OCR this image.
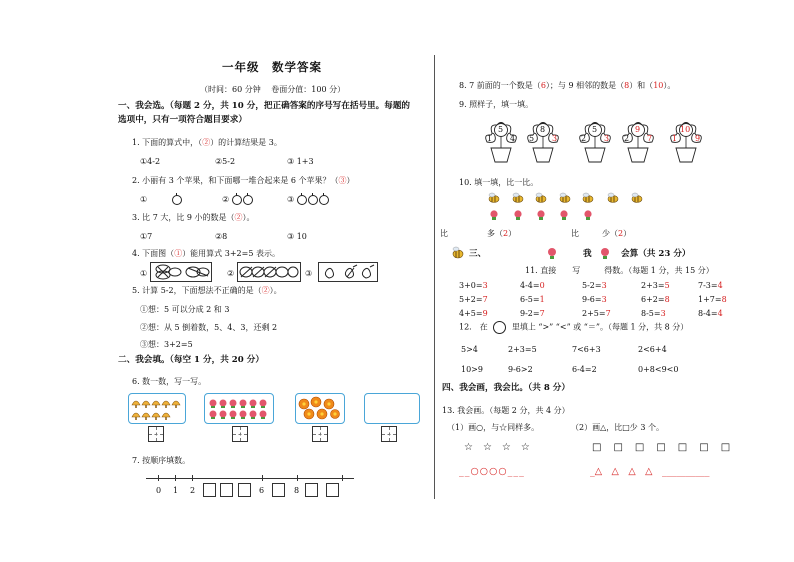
一年级　数学答案
（时间：60 分钟　 卷面分值：100 分）
一、我会选。（每题 2 分，共 10 分，把正确答案的序号写在括号里。每题的
选项中，只有一项符合题目要求）
1. 下面的算式中，（②）的计算结果是 3。
①4-2	②5-2	③ 1+3
2. 小丽有 3 个苹果，和下面哪一堆合起来是 6 个苹果？（③）
①	②	③
3. 比 7 大，比 9 小的数是（②）。
①7	②8	③ 10
4. 下面图（①）能用算式 3+2=5 表示。
①	②	③
5. 计算 5-2，下面想法不正确的是（②）。
①想：5 可以分成 2 和 3
②想：从 5 倒着数，5、4、3，还剩 2
③想：3+2=5
二、我会填。（每空 1 分，共 20 分）
6. 数一数，写一写。
7. 按顺序填数。
0 1 2	6	8
8. 7 前面的一个数是（6）；与 9 相邻的数是（8）和（10）。
9. 照样子，填一填。
5
1 4
8
5 3
5
2 3
9
2 7
10
1 9
10. 填一填，比一比。
比	多（2）	比	少（2）
三、	我	会算（共 23 分）
11. 直接　　写　　　得数。（每题 1 分，共 15 分）
3+0=3	4-4=0	5-2=3	2+3=5	7-3=4
5+2=7	6-5=1	9-6=3	6+2=8	1+7=8
4+5=9	9-2=7	2+5=7	8-5=3	8-4=4
12.　在	里填上 “>” “<” 或 “＝”。（每题 1 分，共 8 分）
5>4	2+3=5	7<6+3	2<6+4
10>9	9-6>2	6-4=2	0+8<9<0
四、我会画，我会比。（共 8 分）
13. 我会画。（每题 2 分，共 4 分）
（1）画○，与☆同样多。	（2）画△，比□少 3 个。
☆　☆　☆　☆	□　□　□　□　□　□　□
__○○○○___	_△　△　△　△　__________
